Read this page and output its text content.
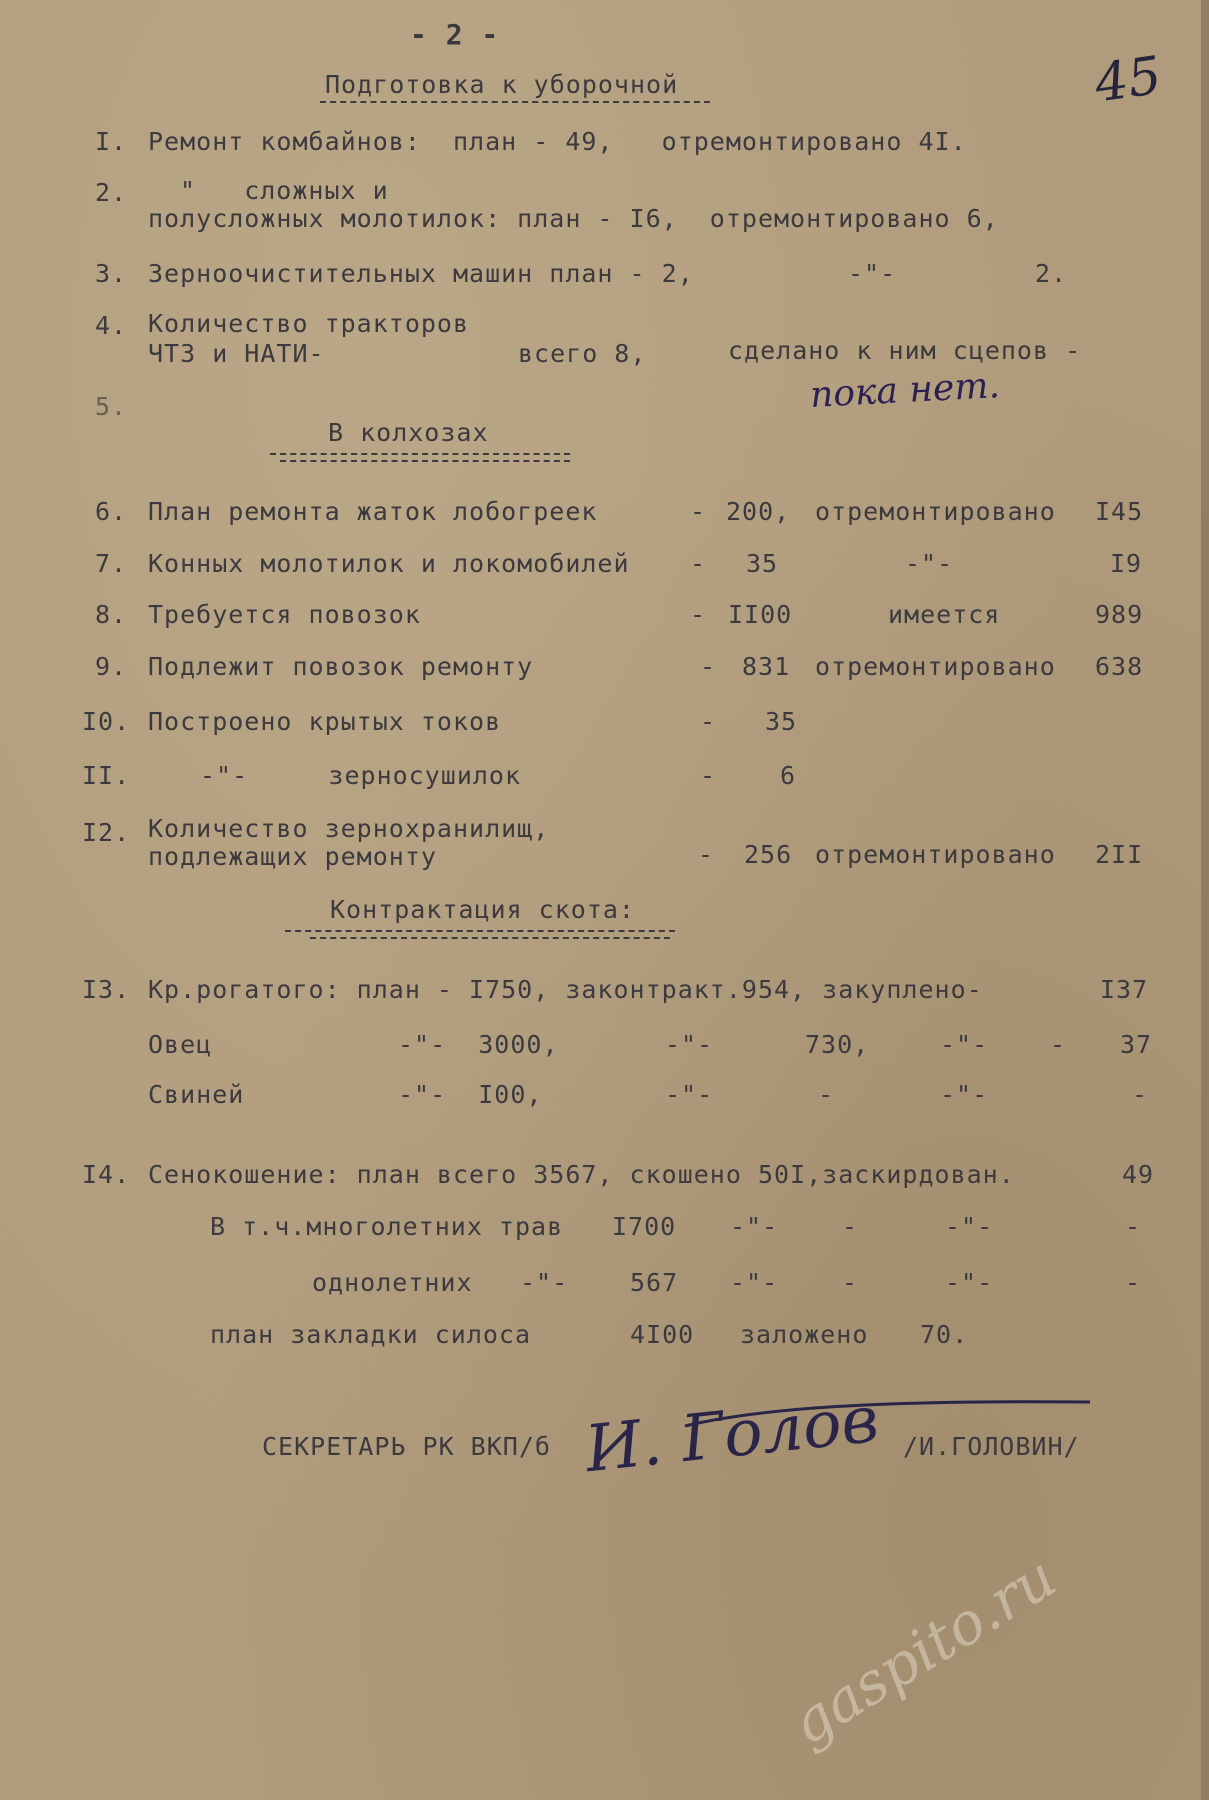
- 2 -
45
Подготовка к уборочной
I. Ремонт комбайнов:  план - 49,   отремонтировано 4I.
2. "   сложных и
полусложных молотилок: план - I6,  отремонтировано 6,
3. Зерноочистительных машин план - 2,	-"-	2.
4. Количество тракторов
ЧТЗ и НАТИ-	всего 8,	сделано к ним сцепов -
пока нет.
5.
В колхозах
6. План ремонта жаток лобогреек	- 200, отремонтировано I45
7. Конных молотилок и локомобилей - 35	-"-	I9
8. Требуется повозок	- II00	имеется	989
9. Подлежит повозок ремонту	- 831 отремонтировано 638
I0. Построено крытых токов	- 35
II.	-"-     зерносушилок	-	6
I2. Количество зернохранилищ,
подлежащих ремонту	- 256 отремонтировано 2II
Контрактация скота:
I3. Кр.рогатого: план - I750, законтракт.954, закуплено-	I37
Овец	-"-  3000,	-"-	730,	-"- - 37
Свиней	-"-  I00,	-"-	-	-"-	-
I4. Сенокошение: план всего 3567, скошено 50I,заскирдован.	49
В т.ч.многолетних трав I700 -"-	-	-"-	-
однолетних -"- 567 -"-	-	-"-	-
план закладки силоса	4I00 заложено 70.
СЕКРЕТАРЬ РК ВКП/б И. Голов /И.ГОЛОВИН/
gaspito.ru
